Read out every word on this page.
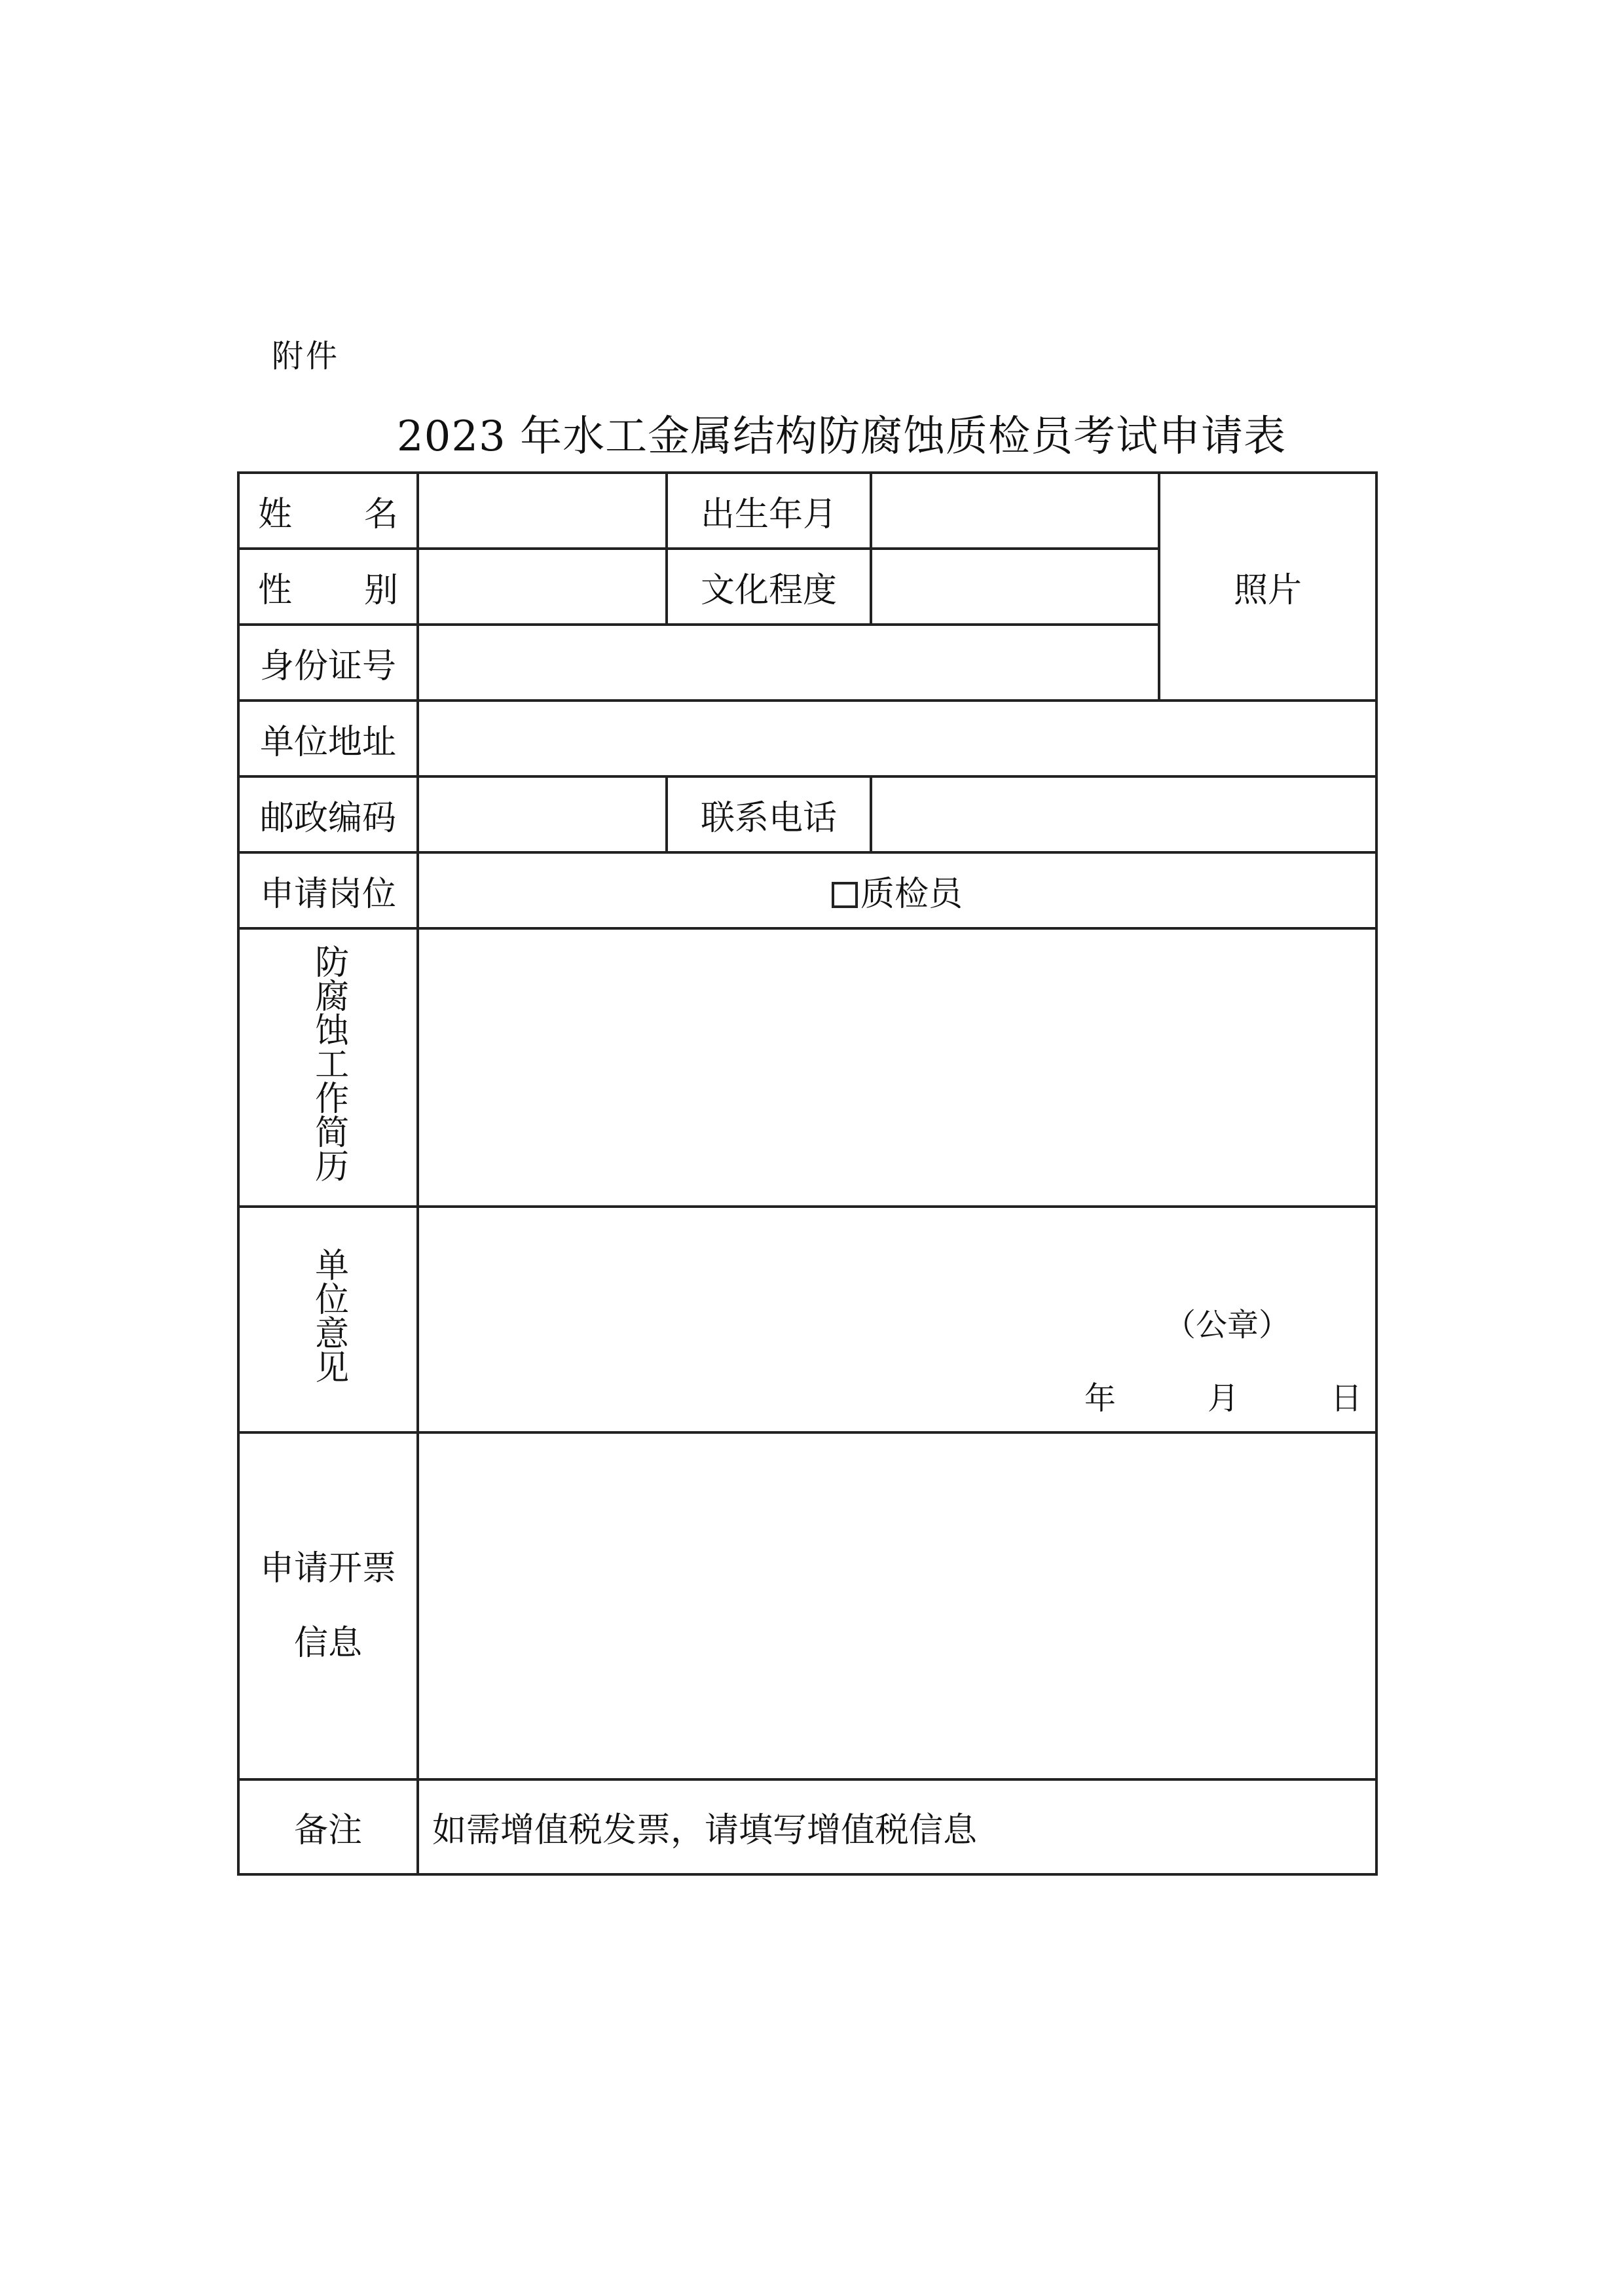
附件
2023 年水工金属结构防腐蚀质检员考试申请表
姓 名		出生年月		照片

性 别		文化程度		
身份证号				
单位地址				
邮政编码		联系电话		
申请岗位	质检员			
防腐蚀工作简历				
单位意见	（公章）
年 月 日			

申请开票
信息				

备注	如需增值税发票，请填写增值税信息			
